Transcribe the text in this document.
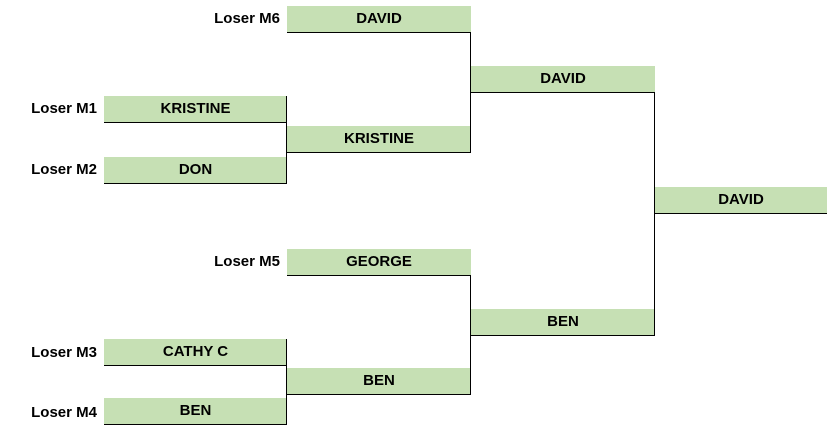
Loser M6
Loser M1
Loser M2
Loser M5
Loser M3
Loser M4
DAVID
KRISTINE
DON
GEORGE
CATHY C
BEN
KRISTINE
BEN
DAVID
BEN
DAVID
